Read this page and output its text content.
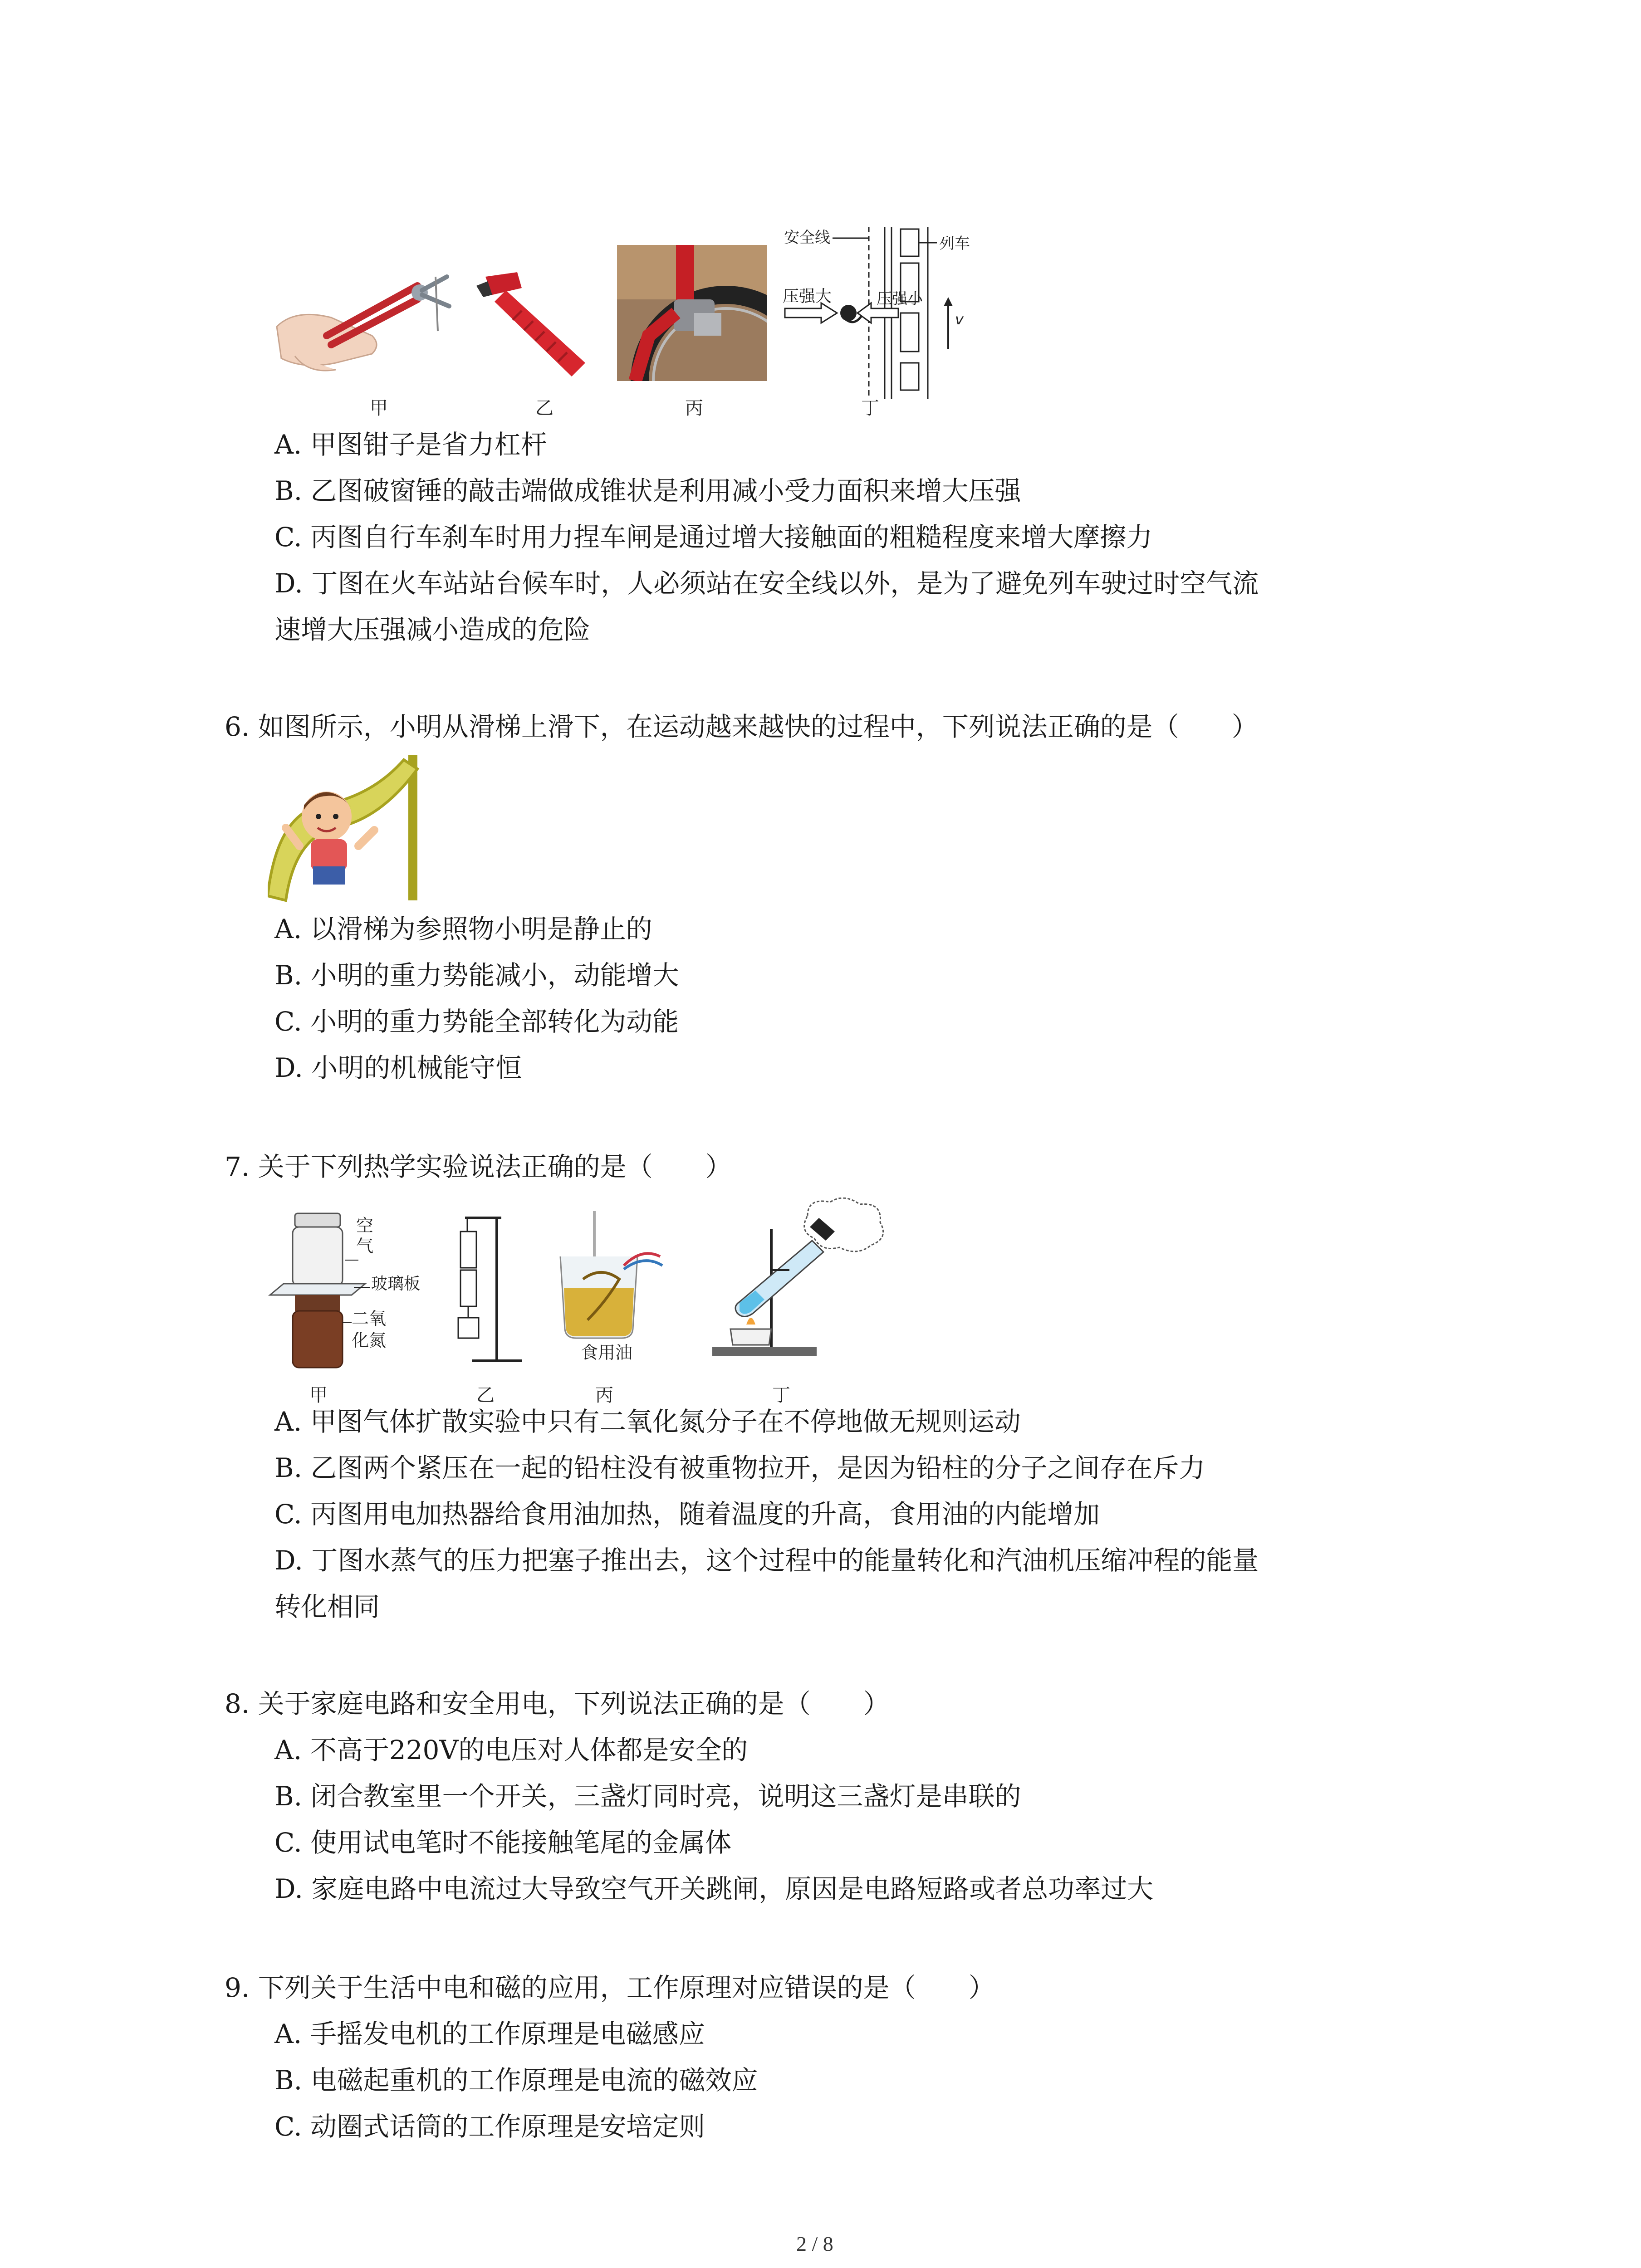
安全线	列车
v
压强大	压强小
甲	乙	丙	丁
A. 甲图钳子是省力杠杆
B. 乙图破窗锤的敲击端做成锥状是利用减小受力面积来增大压强
C. 丙图自行车刹车时用力捏车闸是通过增大接触面的粗糙程度来增大摩擦力
D. 丁图在火车站站台候车时，人必须站在安全线以外，是为了避免列车驶过时空气流
速增大压强减小造成的危险
6. 如图所示，小明从滑梯上滑下，在运动越来越快的过程中，下列说法正确的是（　　）
A. 以滑梯为参照物小明是静止的
B. 小明的重力势能减小，动能增大
C. 小明的重力势能全部转化为动能
D. 小明的机械能守恒
7. 关于下列热学实验说法正确的是（　　）
空
气
玻璃板
二氧
化氮
食用油
甲	乙	丙	丁
A. 甲图气体扩散实验中只有二氧化氮分子在不停地做无规则运动
B. 乙图两个紧压在一起的铅柱没有被重物拉开，是因为铅柱的分子之间存在斥力
C. 丙图用电加热器给食用油加热，随着温度的升高，食用油的内能增加
D. 丁图水蒸气的压力把塞子推出去，这个过程中的能量转化和汽油机压缩冲程的能量
转化相同
8. 关于家庭电路和安全用电，下列说法正确的是（　　）
A. 不高于220V的电压对人体都是安全的
B. 闭合教室里一个开关，三盏灯同时亮，说明这三盏灯是串联的
C. 使用试电笔时不能接触笔尾的金属体
D. 家庭电路中电流过大导致空气开关跳闸，原因是电路短路或者总功率过大
9. 下列关于生活中电和磁的应用，工作原理对应错误的是（　　）
A. 手摇发电机的工作原理是电磁感应
B. 电磁起重机的工作原理是电流的磁效应
C. 动圈式话筒的工作原理是安培定则
2 / 8
